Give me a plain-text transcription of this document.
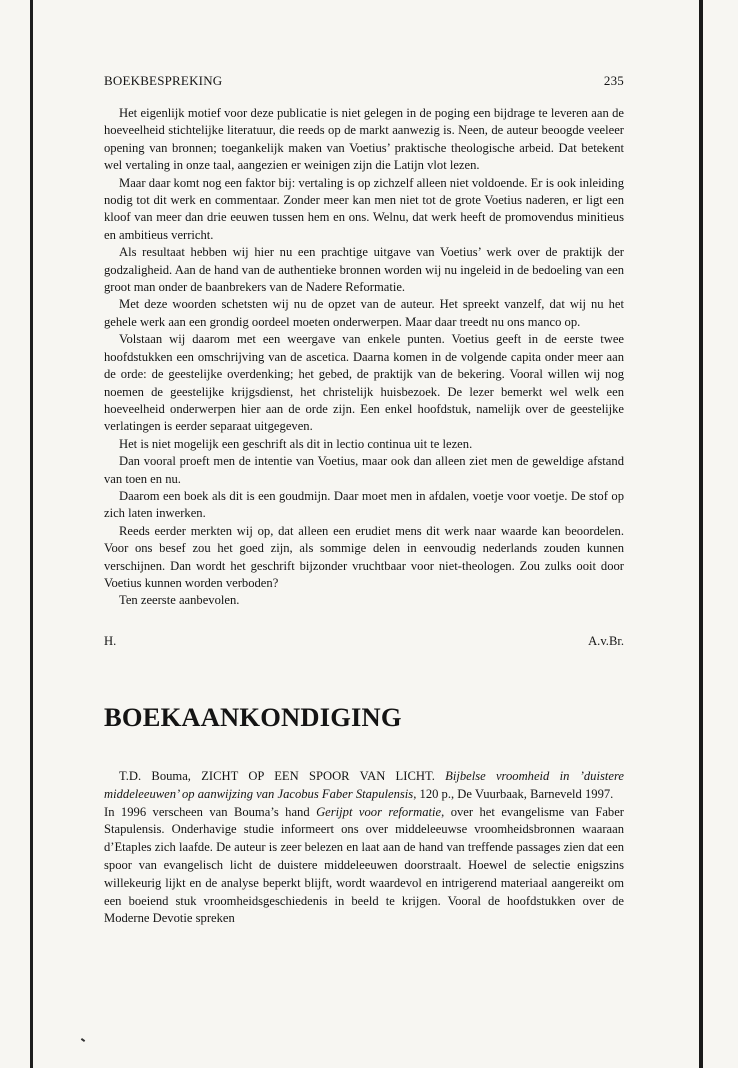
BOEKBESPREKING	235

Het eigenlijk motief voor deze publicatie is niet gelegen in de poging een bijdrage te leveren aan de hoeveelheid stichtelijke literatuur, die reeds op de markt aanwezig is. Neen, de auteur beoogde veeleer opening van bronnen; toegankelijk maken van Voetius’ praktische theologische arbeid. Dat betekent wel vertaling in onze taal, aangezien er weinigen zijn die Latijn vlot lezen.

Maar daar komt nog een faktor bij: vertaling is op zichzelf alleen niet voldoende. Er is ook inleiding nodig tot dit werk en commentaar. Zonder meer kan men niet tot de grote Voetius naderen, er ligt een kloof van meer dan drie eeuwen tussen hem en ons. Welnu, dat werk heeft de promovendus minitieus en ambitieus verricht.

Als resultaat hebben wij hier nu een prachtige uitgave van Voetius’ werk over de praktijk der godzaligheid. Aan de hand van de authentieke bronnen worden wij nu ingeleid in de bedoeling van een groot man onder de baanbrekers van de Nadere Reformatie.

Met deze woorden schetsten wij nu de opzet van de auteur. Het spreekt vanzelf, dat wij nu het gehele werk aan een grondig oordeel moeten onderwerpen. Maar daar treedt nu ons manco op.

Volstaan wij daarom met een weergave van enkele punten. Voetius geeft in de eerste twee hoofdstukken een omschrijving van de ascetica. Daarna komen in de volgende capita onder meer aan de orde: de geestelijke overdenking; het gebed, de praktijk van de bekering. Vooral willen wij nog noemen de geestelijke krijgsdienst, het christelijk huisbezoek. De lezer bemerkt wel welk een hoeveelheid onderwerpen hier aan de orde zijn. Een enkel hoofdstuk, namelijk over de geestelijke verlatingen is eerder separaat uitgegeven.

Het is niet mogelijk een geschrift als dit in lectio continua uit te lezen.

Dan vooral proeft men de intentie van Voetius, maar ook dan alleen ziet men de geweldige afstand van toen en nu.

Daarom een boek als dit is een goudmijn. Daar moet men in afdalen, voetje voor voetje. De stof op zich laten inwerken.

Reeds eerder merkten wij op, dat alleen een erudiet mens dit werk naar waarde kan beoordelen. Voor ons besef zou het goed zijn, als sommige delen in eenvoudig nederlands zouden kunnen verschijnen. Dan wordt het geschrift bijzonder vruchtbaar voor niet-theologen. Zou zulks ooit door Voetius kunnen worden verboden?

Ten zeerste aanbevolen.

H.	A.v.Br.
BOEKAANKONDIGING

T.D. Bouma, ZICHT OP EEN SPOOR VAN LICHT. Bijbelse vroomheid in ’duistere middeleeuwen’ op aanwijzing van Jacobus Faber Stapulensis, 120 p., De Vuurbaak, Barneveld 1997.

In 1996 verscheen van Bouma’s hand Gerijpt voor reformatie, over het evangelisme van Faber Stapulensis. Onderhavige studie informeert ons over middeleeuwse vroomheidsbronnen waaraan d’Etaples zich laafde. De auteur is zeer belezen en laat aan de hand van treffende passages zien dat een spoor van evangelisch licht de duistere middeleeuwen doorstraalt. Hoewel de selectie enigszins willekeurig lijkt en de analyse beperkt blijft, wordt waardevol en intrigerend materiaal aangereikt om een boeiend stuk vroomheidsgeschiedenis in beeld te krijgen. Vooral de hoofdstukken over de Moderne Devotie spreken
